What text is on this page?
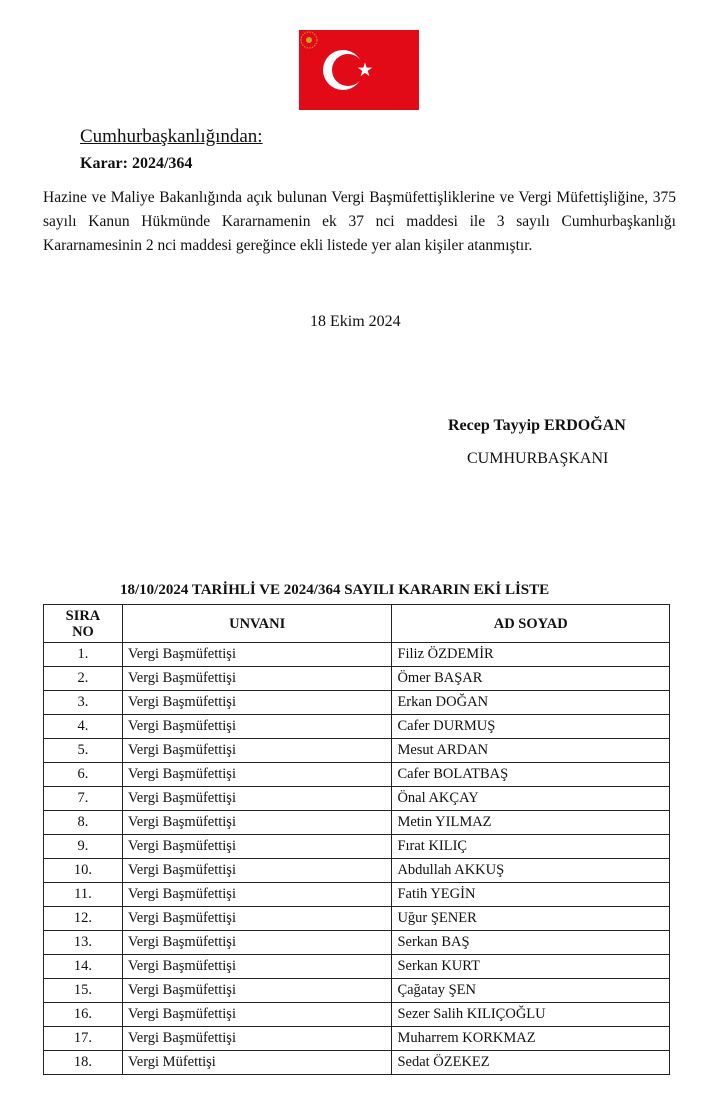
Cumhurbaşkanlığından:
Karar: 2024/364
Hazine ve Maliye Bakanlığında açık bulunan Vergi Başmüfettişliklerine ve Vergi Müfettişliğine, 375 sayılı Kanun Hükmünde Kararnamenin ek 37 nci maddesi ile 3 sayılı Cumhurbaşkanlığı Kararnamesinin 2 nci maddesi gereğince ekli listede yer alan kişiler atanmıştır.
18 Ekim 2024
Recep Tayyip ERDOĞAN
CUMHURBAŞKANI
18/10/2024 TARİHLİ VE 2024/364 SAYILI KARARIN EKİ LİSTE
SIRA
NO	UNVANI	AD SOYAD
1.	Vergi Başmüfettişi	Filiz ÖZDEMİR
2.	Vergi Başmüfettişi	Ömer BAŞAR
3.	Vergi Başmüfettişi	Erkan DOĞAN
4.	Vergi Başmüfettişi	Cafer DURMUŞ
5.	Vergi Başmüfettişi	Mesut ARDAN
6.	Vergi Başmüfettişi	Cafer BOLATBAŞ
7.	Vergi Başmüfettişi	Önal AKÇAY
8.	Vergi Başmüfettişi	Metin YILMAZ
9.	Vergi Başmüfettişi	Fırat KILIÇ
10.	Vergi Başmüfettişi	Abdullah AKKUŞ
11.	Vergi Başmüfettişi	Fatih YEGİN
12.	Vergi Başmüfettişi	Uğur ŞENER
13.	Vergi Başmüfettişi	Serkan BAŞ
14.	Vergi Başmüfettişi	Serkan KURT
15.	Vergi Başmüfettişi	Çağatay ŞEN
16.	Vergi Başmüfettişi	Sezer Salih KILIÇOĞLU
17.	Vergi Başmüfettişi	Muharrem KORKMAZ
18.	Vergi Müfettişi	Sedat ÖZEKEZ
